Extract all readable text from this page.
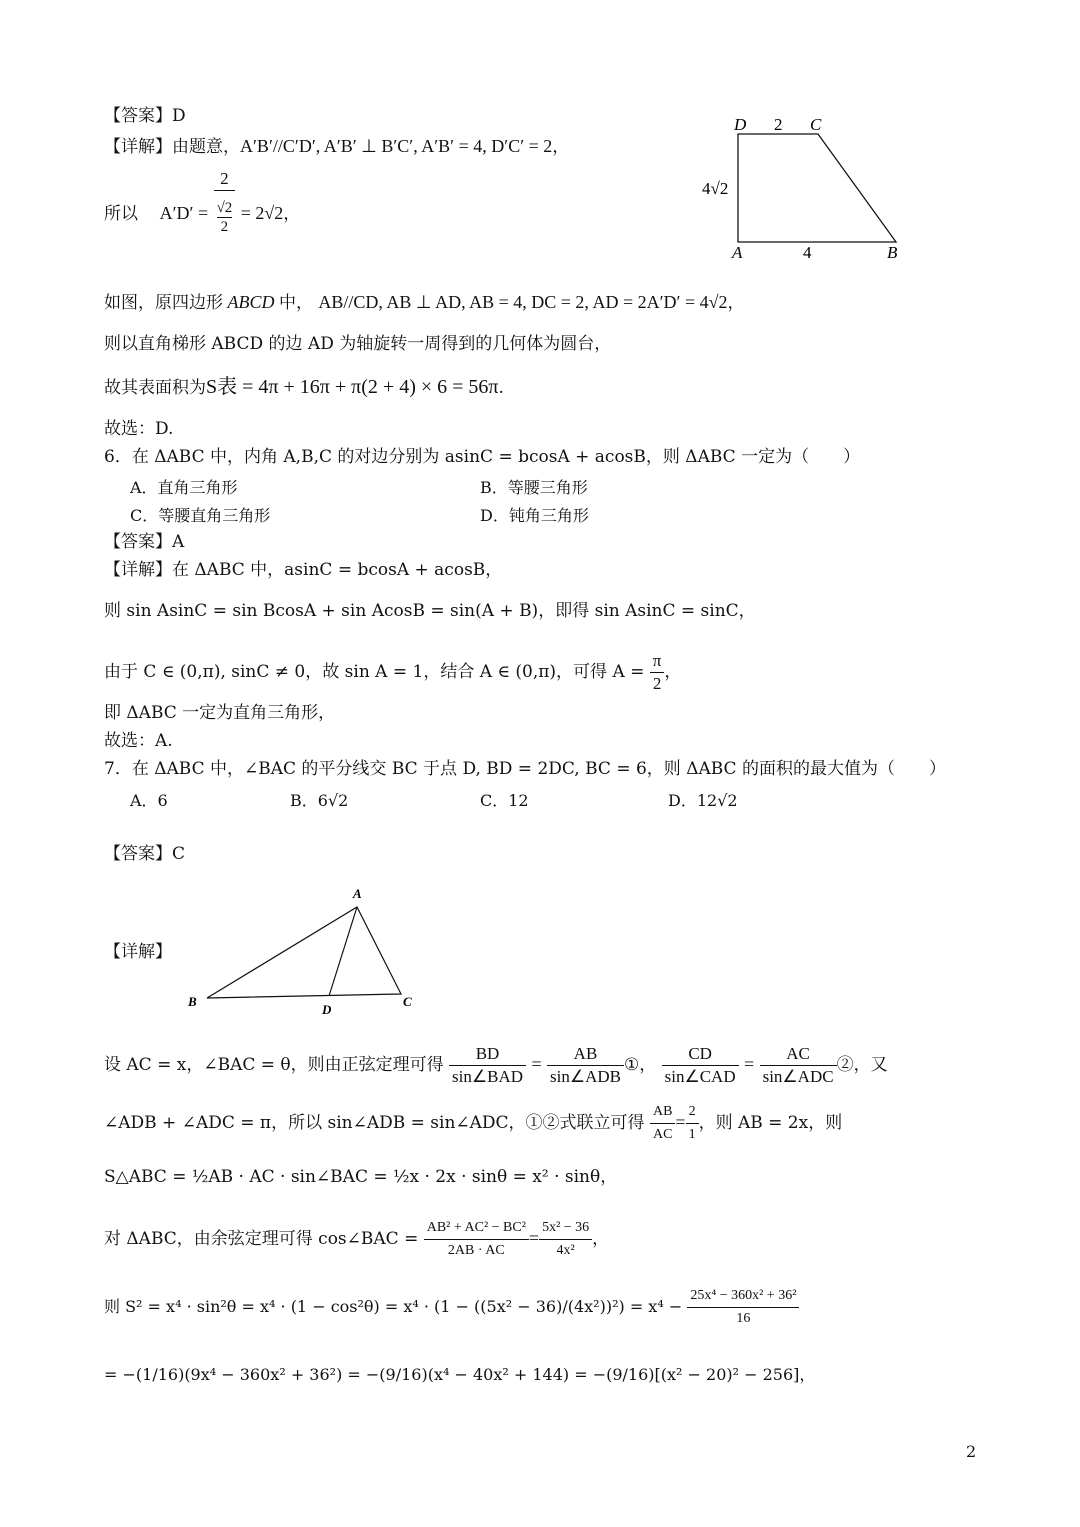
【答案】D
【详解】由题意，A′B′//C′D′, A′B′ ⊥ B′C′, A′B′ = 4, D′C′ = 2，
所以 $A'D' = \frac{2}{\frac{√2}{2}} = 2√2$，
D 2 C
4√2
A	4	B
如图，原四边形 ABCD 中， AB//CD, AB ⊥ AD, AB = 4, DC = 2, AD = 2A′D′ = 4√2，
则以直角梯形 ABCD 的边 AD 为轴旋转一周得到的几何体为圆台，
故其表面积为S表 = 4π + 16π + π(2 + 4) × 6 = 56π.
故选：D.
6．在 ΔABC 中，内角 A,B,C 的对边分别为 asinC = bcosA + acosB，则 ΔABC 一定为（　　）
A．直角三角形	B．等腰三角形
C．等腰直角三角形	D．钝角三角形
【答案】A
【详解】在 ΔABC 中，asinC = bcosA + acosB，
则 sin AsinC = sin BcosA + sin AcosB = sin(A + B)，即得 sin AsinC = sinC，
由于 C ∈ (0,π), sinC ≠ 0，故 sin A = 1，结合 A ∈ (0,π)，可得 $A = \frac{\pi}{2}$ ，
即 ΔABC 一定为直角三角形，
故选：A.
7．在 ΔABC 中，∠BAC 的平分线交 BC 于点 D, BD = 2DC, BC = 6，则 ΔABC 的面积的最大值为（　　）
A．6	B．6√2	C．12	D．12√2
【答案】C
【详解】
A
B
D
C
设 AC = x，∠BAC = θ，则由正弦定理可得 $\frac{BD}{\text{sin∠BAD}} = \frac{AB}{\text{sin∠ADB}}$ ①， $\frac{CD}{\text{sin∠CAD}} = \frac{AC}{\text{sin∠ADC}}$ ②，又
∠ADB + ∠ADC = π，所以 sin∠ADB = sin∠ADC，①②式联立可得 $\frac{AB}{AC} = \frac{2}{1}$ ，则 AB = 2x，则
S△ABC = ½AB · AC · sin∠BAC = ½x · 2x · sinθ = x² · sinθ，
对 ΔABC，由余弦定理可得 cos∠BAC = $\frac{\text{AB² + AC² − BC²}}{2AB \cdot AC} = \frac{\text{5x² − 36}}{\text{4x²}}$ ，
则 $S^2 = x^4 \cdot \sin^2\theta = x^4 \cdot (1 - \cos^2\theta) = x^4 \cdot (1 - ((5x^2 - 36)/(4x^2))^2) = x^4 - \frac{\text{25x⁴ − 360x² + 36²}}{16}$
= −(1/16)(9x⁴ − 360x² + 36²) = −(9/16)(x⁴ − 40x² + 144) = −(9/16)[(x² − 20)² − 256]，
2
